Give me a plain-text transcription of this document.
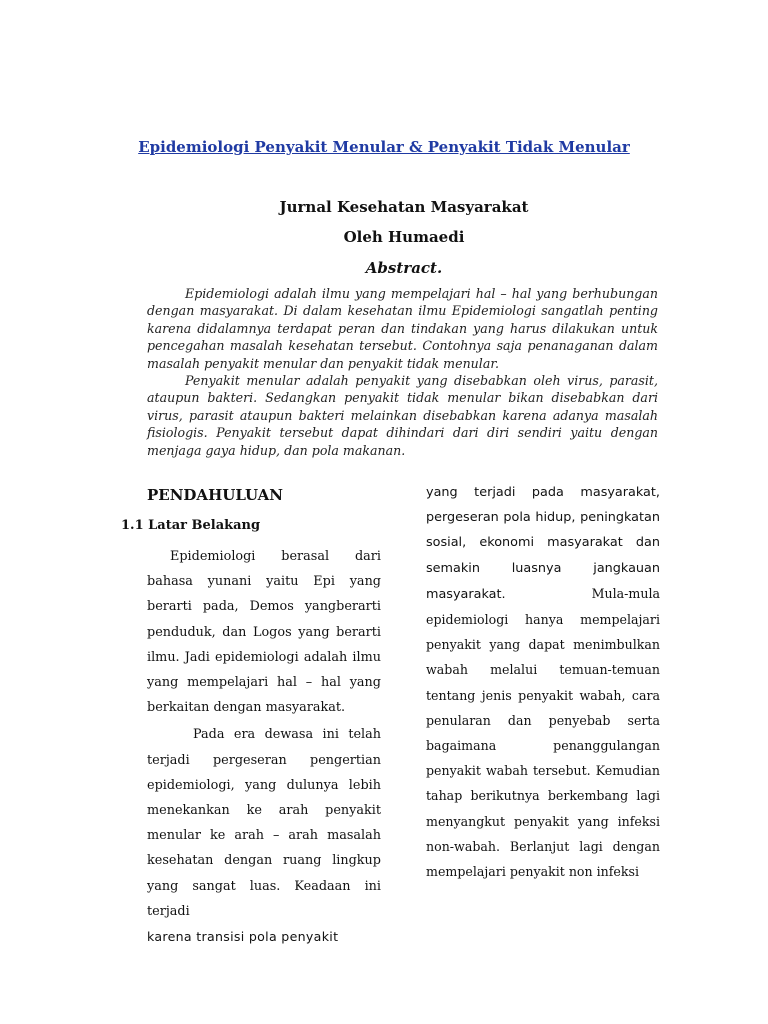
Epidemiologi Penyakit Menular & Penyakit Tidak Menular
Jurnal Kesehatan Masyarakat
Oleh Humaedi
Abstract.

Epidemiologi adalah ilmu yang mempelajari hal – hal yang berhubungan dengan masyarakat. Di dalam kesehatan ilmu Epidemiologi sangatlah penting karena didalamnya terdapat peran dan tindakan yang harus dilakukan untuk pencegahan masalah kesehatan tersebut. Contohnya saja penanaganan dalam masalah penyakit menular dan penyakit tidak menular.

Penyakit menular adalah penyakit yang disebabkan oleh virus, parasit, ataupun bakteri. Sedangkan penyakit tidak menular bikan disebabkan dari virus, parasit ataupun bakteri melainkan disebabkan karena adanya masalah fisiologis. Penyakit tersebut dapat dihindari dari diri sendiri yaitu dengan menjaga gaya hidup, dan pola makanan.

PENDAHULUAN
1.1 Latar Belakang

Epidemiologi berasal dari bahasa yunani yaitu Epi yang berarti pada, Demos yangberarti penduduk, dan Logos yang berarti ilmu. Jadi epidemiologi adalah ilmu yang mempelajari hal – hal yang berkaitan dengan masyarakat.

Pada era dewasa ini telah terjadi pergeseran pengertian epidemiologi, yang dulunya lebih menekankan ke arah penyakit menular ke arah – arah masalah kesehatan dengan ruang lingkup yang sangat luas. Keadaan ini terjadi

karena transisi pola penyakit

yang terjadi pada masyarakat, pergeseran pola hidup, peningkatan sosial, ekonomi masyarakat dan semakin luasnya jangkauan masyarakat.	Mula-mula

epidemiologi hanya mempelajari penyakit yang dapat menimbulkan wabah melalui temuan-temuan tentang jenis penyakit wabah, cara penularan dan penyebab serta bagaimana penanggulangan penyakit wabah tersebut. Kemudian tahap berikutnya berkembang lagi menyangkut penyakit yang infeksi non-wabah. Berlanjut lagi dengan mempelajari penyakit non infeksi
